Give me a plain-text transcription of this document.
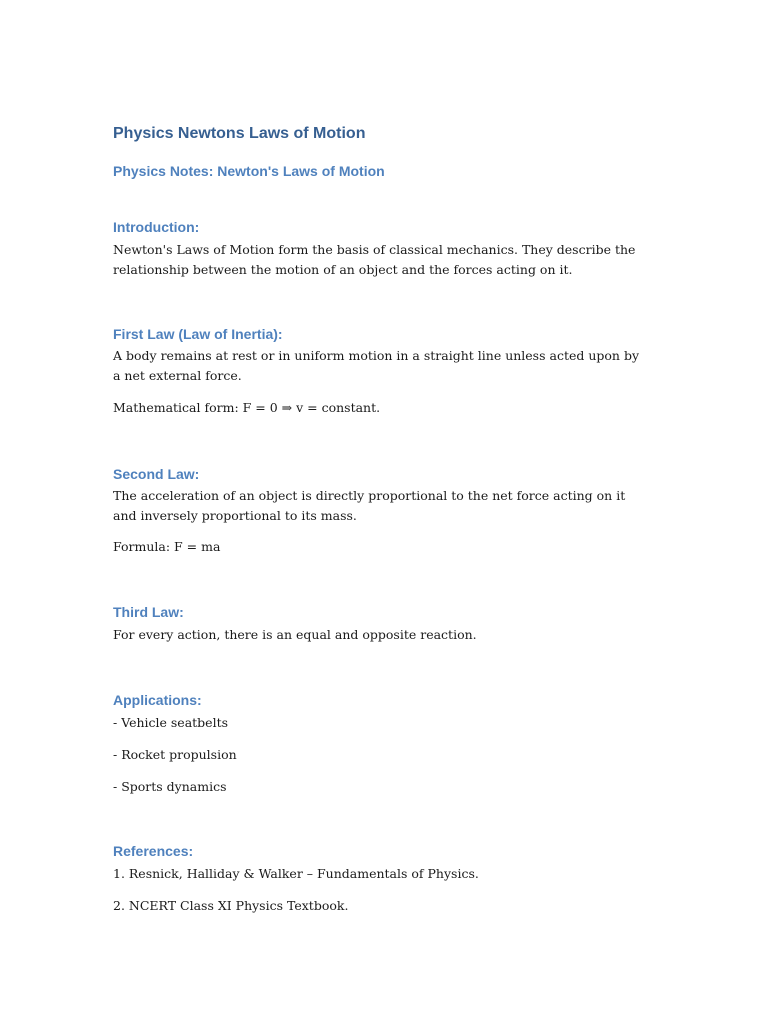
Physics Newtons Laws of Motion
Physics Notes: Newton's Laws of Motion
Introduction:

Newton's Laws of Motion form the basis of classical mechanics. They describe the relationship between the motion of an object and the forces acting on it.

First Law (Law of Inertia):

A body remains at rest or in uniform motion in a straight line unless acted upon by a net external force.

Mathematical form: F = 0 ⇒ v = constant.

Second Law:

The acceleration of an object is directly proportional to the net force acting on it and inversely proportional to its mass.

Formula: F = ma

Third Law:

For every action, there is an equal and opposite reaction.

Applications:

- Vehicle seatbelts

- Rocket propulsion

- Sports dynamics

References:

1. Resnick, Halliday & Walker – Fundamentals of Physics.

2. NCERT Class XI Physics Textbook.
